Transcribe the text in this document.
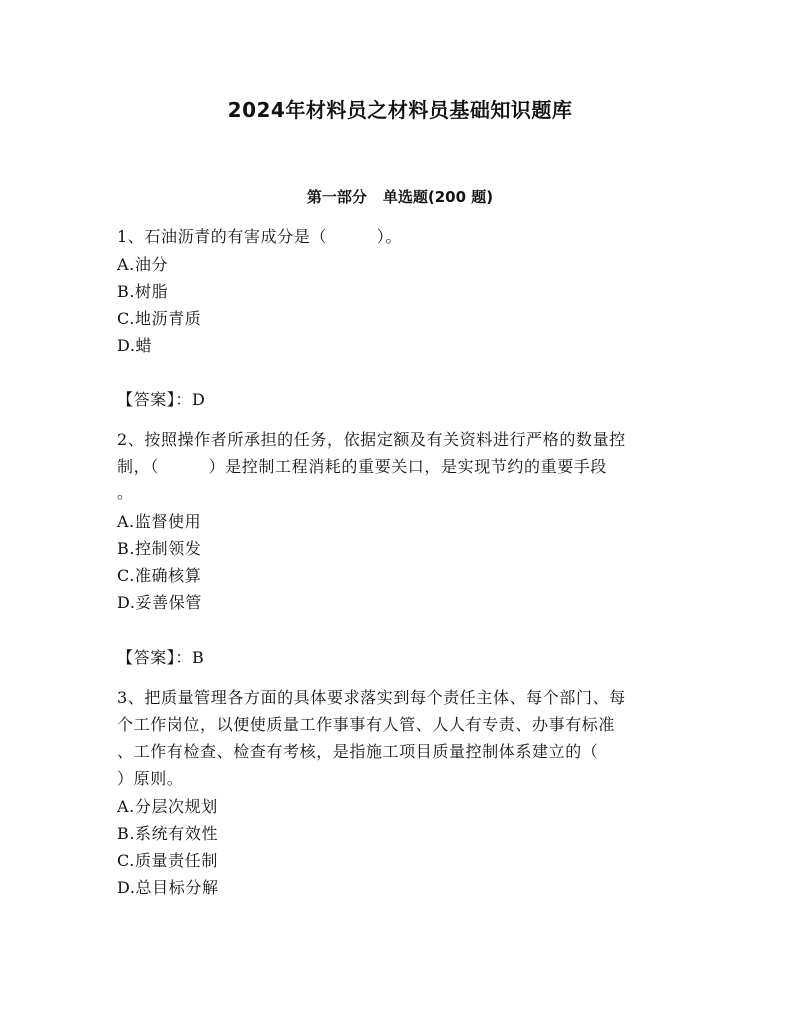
2024年材料员之材料员基础知识题库
第一部分 单选题(200 题)
1、石油沥青的有害成分是（　　　）。
A.油分
B.树脂
C.地沥青质
D.蜡
【答案】：D
2、按照操作者所承担的任务，依据定额及有关资料进行严格的数量控
制，（　　　）是控制工程消耗的重要关口，是实现节约的重要手段
。
A.监督使用
B.控制领发
C.准确核算
D.妥善保管
【答案】：B
3、把质量管理各方面的具体要求落实到每个责任主体、每个部门、每
个工作岗位，以便使质量工作事事有人管、人人有专责、办事有标准
、工作有检查、检查有考核，是指施工项目质量控制体系建立的（
）原则。
A.分层次规划
B.系统有效性
C.质量责任制
D.总目标分解
